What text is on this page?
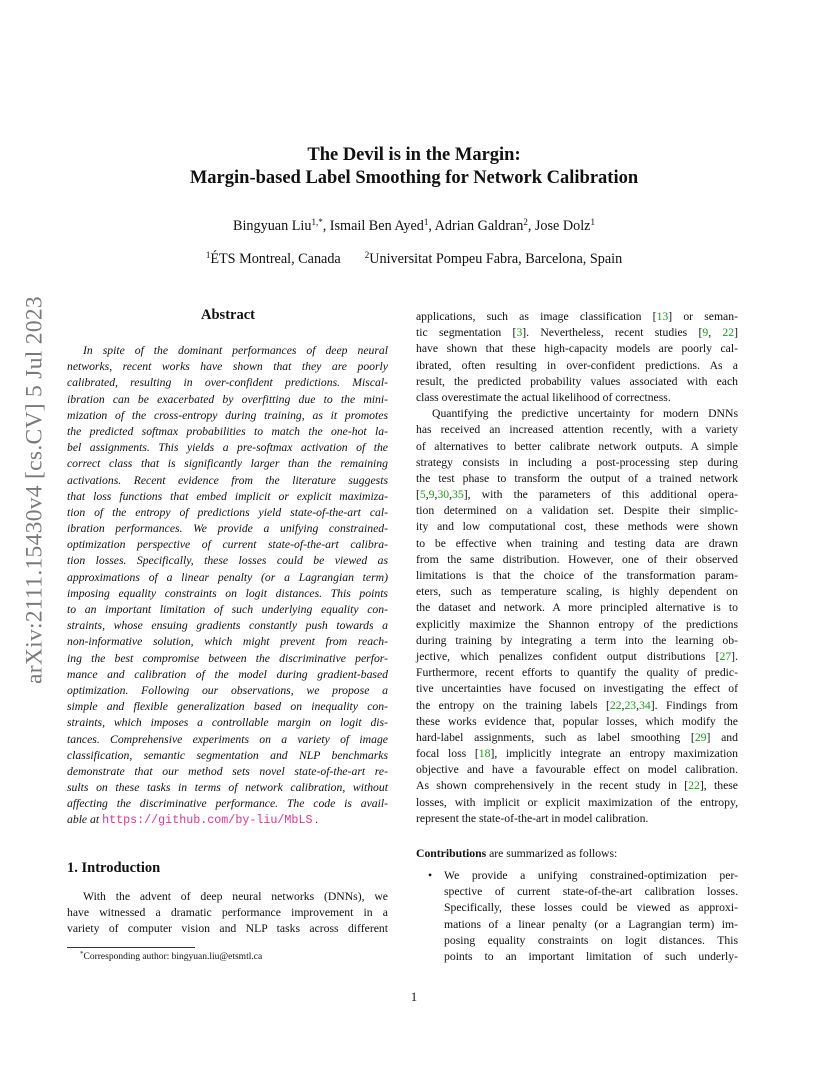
arXiv:2111.15430v4 [cs.CV] 5 Jul 2023
The Devil is in the Margin:
Margin-based Label Smoothing for Network Calibration
Bingyuan Liu$^{1,*}$, Ismail Ben Ayed$^1$, Adrian Galdran$^2$, Jose Dolz$^1$
$^1$ÉTS Montreal, Canada	$^2$Universitat Pompeu Fabra, Barcelona, Spain
Abstract
In spite of the dominant performances of deep neural
networks, recent works have shown that they are poorly
calibrated, resulting in over-confident predictions. Miscal-
ibration can be exacerbated by overfitting due to the mini-
mization of the cross-entropy during training, as it promotes
the predicted softmax probabilities to match the one-hot la-
bel assignments. This yields a pre-softmax activation of the
correct class that is significantly larger than the remaining
activations. Recent evidence from the literature suggests
that loss functions that embed implicit or explicit maximiza-
tion of the entropy of predictions yield state-of-the-art cal-
ibration performances. We provide a unifying constrained-
optimization perspective of current state-of-the-art calibra-
tion losses. Specifically, these losses could be viewed as
approximations of a linear penalty (or a Lagrangian term)
imposing equality constraints on logit distances. This points
to an important limitation of such underlying equality con-
straints, whose ensuing gradients constantly push towards a
non-informative solution, which might prevent from reach-
ing the best compromise between the discriminative perfor-
mance and calibration of the model during gradient-based
optimization. Following our observations, we propose a
simple and flexible generalization based on inequality con-
straints, which imposes a controllable margin on logit dis-
tances. Comprehensive experiments on a variety of image
classification, semantic segmentation and NLP benchmarks
demonstrate that our method sets novel state-of-the-art re-
sults on these tasks in terms of network calibration, without
affecting the discriminative performance. The code is avail-
able at https://github.com/by-liu/MbLS .
1. Introduction
With the advent of deep neural networks (DNNs), we
have witnessed a dramatic performance improvement in a
variety of computer vision and NLP tasks across different
*Corresponding author: bingyuan.liu@etsmtl.ca
applications, such as image classification [13] or seman-
tic segmentation [3]. Nevertheless, recent studies [9, 22]
have shown that these high-capacity models are poorly cal-
ibrated, often resulting in over-confident predictions. As a
result, the predicted probability values associated with each
class overestimate the actual likelihood of correctness.
Quantifying the predictive uncertainty for modern DNNs
has received an increased attention recently, with a variety
of alternatives to better calibrate network outputs. A simple
strategy consists in including a post-processing step during
the test phase to transform the output of a trained network
[5,9,30,35], with the parameters of this additional opera-
tion determined on a validation set. Despite their simplic-
ity and low computational cost, these methods were shown
to be effective when training and testing data are drawn
from the same distribution. However, one of their observed
limitations is that the choice of the transformation param-
eters, such as temperature scaling, is highly dependent on
the dataset and network. A more principled alternative is to
explicitly maximize the Shannon entropy of the predictions
during training by integrating a term into the learning ob-
jective, which penalizes confident output distributions [27].
Furthermore, recent efforts to quantify the quality of predic-
tive uncertainties have focused on investigating the effect of
the entropy on the training labels [22,23,34]. Findings from
these works evidence that, popular losses, which modify the
hard-label assignments, such as label smoothing [29] and
focal loss [18], implicitly integrate an entropy maximization
objective and have a favourable effect on model calibration.
As shown comprehensively in the recent study in [22], these
losses, with implicit or explicit maximization of the entropy,
represent the state-of-the-art in model calibration.
Contributions are summarized as follows:
• We provide a unifying constrained-optimization per-
spective of current state-of-the-art calibration losses.
Specifically, these losses could be viewed as approxi-
mations of a linear penalty (or a Lagrangian term) im-
posing equality constraints on logit distances. This
points to an important limitation of such underly-
1
